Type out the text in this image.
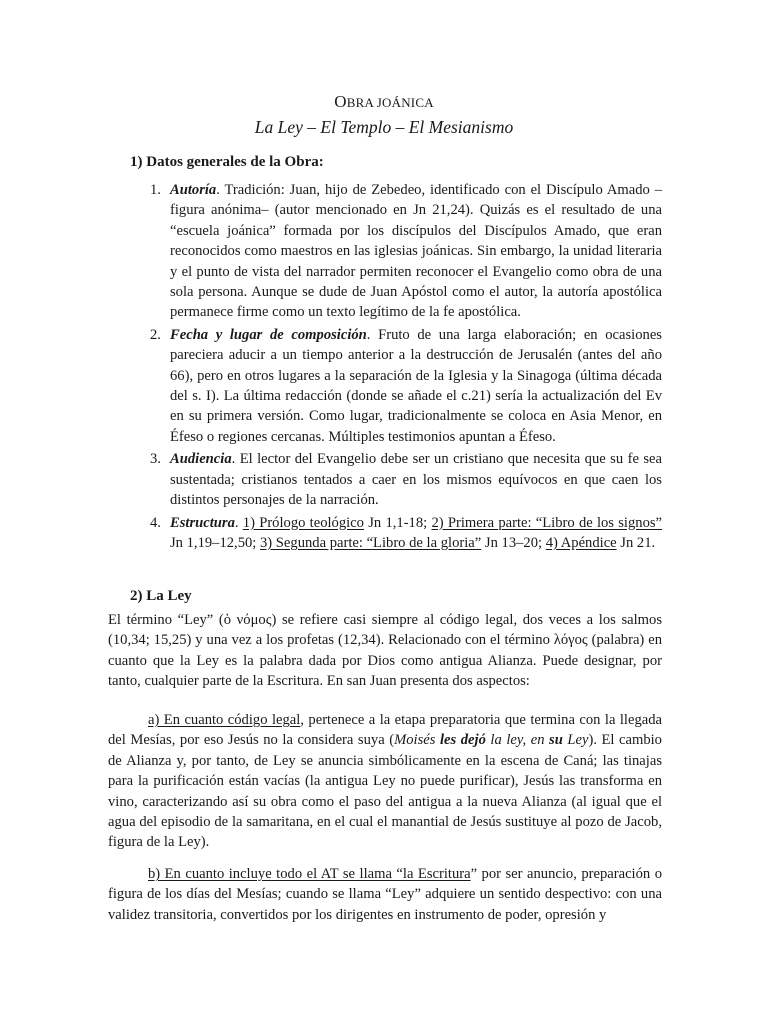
OBRA JOÁNICA
La Ley – El Templo – El Mesianismo
1) Datos generales de la Obra:
1. Autoría. Tradición: Juan, hijo de Zebedeo, identificado con el Discípulo Amado – figura anónima– (autor mencionado en Jn 21,24). Quizás es el resultado de una “escuela joánica” formada por los discípulos del Discípulos Amado, que eran reconocidos como maestros en las iglesias joánicas. Sin embargo, la unidad literaria y el punto de vista del narrador permiten reconocer el Evangelio como obra de una sola persona. Aunque se dude de Juan Apóstol como el autor, la autoría apostólica permanece firme como un texto legítimo de la fe apostólica.
2. Fecha y lugar de composición. Fruto de una larga elaboración; en ocasiones pareciera aducir a un tiempo anterior a la destrucción de Jerusalén (antes del año 66), pero en otros lugares a la separación de la Iglesia y la Sinagoga (última década del s. I). La última redacción (donde se añade el c.21) sería la actualización del Ev en su primera versión. Como lugar, tradicionalmente se coloca en Asia Menor, en Éfeso o regiones cercanas. Múltiples testimonios apuntan a Éfeso.
3. Audiencia. El lector del Evangelio debe ser un cristiano que necesita que su fe sea sustentada; cristianos tentados a caer en los mismos equívocos en que caen los distintos personajes de la narración.
4. Estructura. 1) Prólogo teológico Jn 1,1-18; 2) Primera parte: “Libro de los signos” Jn 1,19–12,50; 3) Segunda parte: “Libro de la gloria” Jn 13–20; 4) Apéndice Jn 21.
2) La Ley

El término “Ley” (ὁ νόμος) se refiere casi siempre al código legal, dos veces a los salmos (10,34; 15,25) y una vez a los profetas (12,34). Relacionado con el término λόγος (palabra) en cuanto que la Ley es la palabra dada por Dios como antigua Alianza. Puede designar, por tanto, cualquier parte de la Escritura. En san Juan presenta dos aspectos:

a) En cuanto código legal, pertenece a la etapa preparatoria que termina con la llegada del Mesías, por eso Jesús no la considera suya (Moisés les dejó la ley, en su Ley). El cambio de Alianza y, por tanto, de Ley se anuncia simbólicamente en la escena de Caná; las tinajas para la purificación están vacías (la antigua Ley no puede purificar), Jesús las transforma en vino, caracterizando así su obra como el paso del antigua a la nueva Alianza (al igual que el agua del episodio de la samaritana, en el cual el manantial de Jesús sustituye al pozo de Jacob, figura de la Ley).

b) En cuanto incluye todo el AT se llama “la Escritura” por ser anuncio, preparación o figura de los días del Mesías; cuando se llama “Ley” adquiere un sentido despectivo: con una validez transitoria, convertidos por los dirigentes en instrumento de poder, opresión y
